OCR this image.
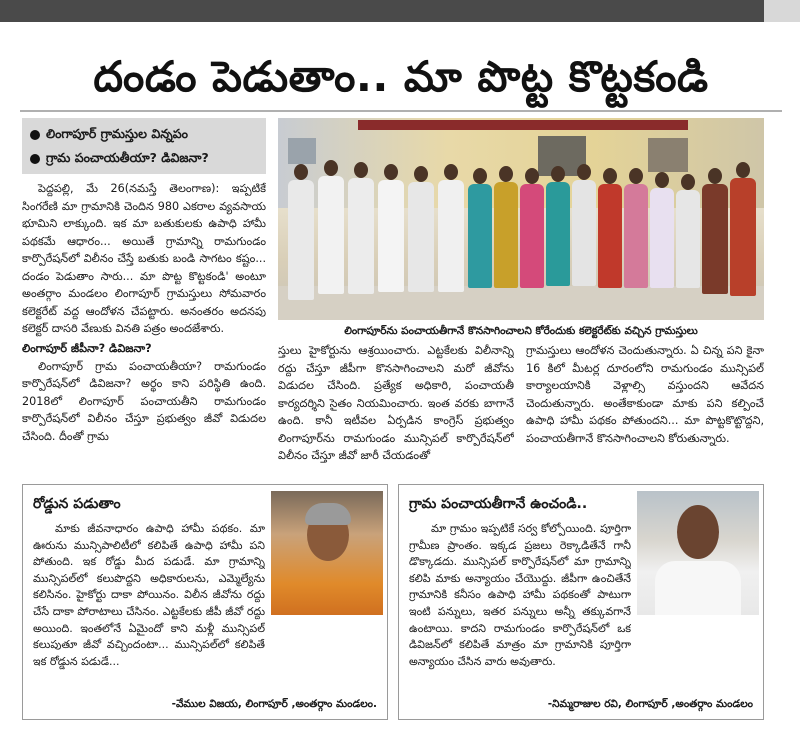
దండం పెడుతాం.. మా పొట్ట కొట్టకండి
లింగాపూర్ గ్రామస్తుల విన్నపం
గ్రామ పంచాయతీయా? డివిజనా?

పెద్దపల్లి, మే 26(నమస్తే తెలంగాణ): ఇప్పటికే సింగరేణి మా గ్రామానికి చెందిన 980 ఎకరాల వ్యవసాయ భూమిని లాక్కుంది. ఇక మా బతుకులకు ఉపాధి హామీ పథకమే ఆధారం... అయితే గ్రామాన్ని రామగుండం కార్పొరేషన్‌లో విలీనం చేస్తే బతుకు బండి సాగటం కష్టం... దండం పెడుతాం సారు... మా పొట్ట కొట్టకండి' అంటూ అంతర్గాం మండలం లింగాపూర్ గ్రామస్తులు సోమవారం కలెక్టరేట్ వద్ద ఆందోళన చేపట్టారు. అనంతరం అదనపు కలెక్టర్ దాసరి వేణుకు వినతి పత్రం అందజేశారు.

లింగాపూర్ జీపీనా? డివిజనా?

లింగాపూర్ గ్రామ పంచాయతీయా? రామగుండం కార్పొరేషన్‌లో డివిజనా? అర్థం కాని పరిస్థితి ఉంది. 2018లో లింగాపూర్ పంచాయతీని రామగుండం కార్పొరేషన్‌లో విలీనం చేస్తూ ప్రభుత్వం జీవో విడుదల చేసింది. దీంతో గ్రామ

లింగాపూర్‌ను పంచాయతీగానే కొనసాగించాలని కోరేందుకు కలెక్టరేట్‌కు వచ్చిన గ్రామస్తులు
స్తులు హైకోర్టును ఆశ్రయించారు. ఎట్టకేలకు విలీనాన్ని రద్దు చేస్తూ జీపీగా కొనసాగించాలని మరో జీవోను విడుదల చేసింది. ప్రత్యేక అధికారి, పంచాయతీ కార్యదర్శిని సైతం నియమించారు. ఇంత వరకు బాగానే ఉంది. కానీ ఇటీవల ఏర్పడిన కాంగ్రెస్ ప్రభుత్వం లింగాపూర్‌ను రామగుండం మున్సిపల్ కార్పొరేషన్‌లో విలీనం చేస్తూ జీవో జారీ చేయడంతో
గ్రామస్తులు ఆందోళన చెందుతున్నారు. ఏ చిన్న పని కైనా 16 కిలో మీటర్ల దూరంలోని రామగుండం మున్సిపల్ కార్యాలయానికి వెళ్లాల్సి వస్తుందని ఆవేదన చెందుతున్నారు. అంతేకాకుండా మాకు పని కల్పించే ఉపాధి హామీ పథకం పోతుందని... మా పొట్టకొట్టొద్దని, పంచాయతీగానే కొనసాగించాలని కోరుతున్నారు.
రోడ్డున పడుతాం
మాకు జీవనాధారం ఉపాధి హామీ పథకం. మా ఊరును మున్సిపాలిటీలో కలిపితే ఉపాధి హామీ పని పోతుంది. ఇక రోడ్డు మీద పడుడే. మా గ్రామాన్ని మున్సిపల్‌లో కలుపొద్దని అధికారులను, ఎమ్మెల్యేను కలిసినం. హైకోర్టు దాకా పోయినం. విలీన జీవోను రద్దు చేసే దాకా పోరాటాలు చేసినం. ఎట్టకేలకు జీపీ జీవో రద్దు అయింది. ఇంతలోనే ఏమైందో కాని మళ్లీ మున్సిపల్ కలుపుతూ జీవో వచ్చిందంటా... మున్సిపల్‌లో కలిపితే ఇక రోడ్డున పడుడే...
-వేముల విజయ, లింగాపూర్ ,అంతర్గాం మండలం.
గ్రామ పంచాయతీగానే ఉంచండి..
మా గ్రామం ఇప్పటికే సర్వ కోల్పోయింది. పూర్తిగా గ్రామీణ ప్రాంతం. ఇక్కడ ప్రజలు రెక్కాడితేనే గానీ డొక్కాడదు. మున్సిపల్ కార్పొరేషన్‌లో మా గ్రామాన్ని కలిపి మాకు అన్యాయం చేయొద్దు. జీపీగా ఉంచితేనే గ్రామానికి కనీసం ఉపాధి హామీ పథకంతో పాటుగా ఇంటి పన్నులు, ఇతర పన్నులు అన్నీ తక్కువగానే ఉంటాయి. కాదని రామగుండం కార్పొరేషన్‌లో ఒక డివిజన్‌లో కలిపితే మాత్రం మా గ్రామానికి పూర్తిగా అన్యాయం చేసిన వారు అవుతారు.
-నిమ్మరాజుల రవి, లింగాపూర్ ,అంతర్గాం మండలం
